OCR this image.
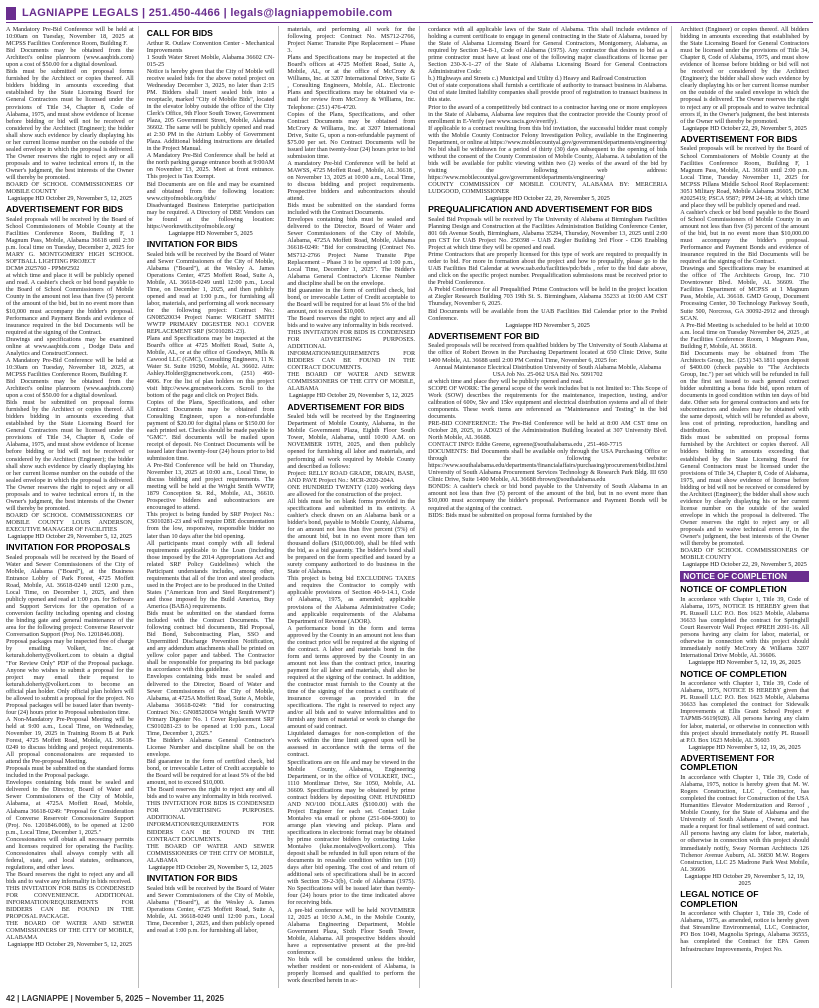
LAGNIAPPE LEGALS | 251.450-4466 | legals@lagniappemobile.com

A Mandatory Pre-Bid Conference will be held at 10:00am on Tuesday, November 18, 2025 at MCPSS Facilities Conference Room, Building F.

Bid Documents may be obtained from the Architect's online planroom (www.aaqbids.com) upon a cost of $50.00 for a digital download.

Bids must be submitted on proposal forms furnished by the Architect or copies thereof. All bidders bidding in amounts exceeding that established by the State Licensing Board for General Contractors must be licensed under the provisions of Title 34, Chapter 8, Code of Alabama, 1975, and must show evidence of license before bidding or bid will not be received or considered by the Architect (Engineer); the bidder shall show such evidence by clearly displaying his or her current license number on the outside of the sealed envelope in which the proposal is delivered. The Owner reserves the right to reject any or all proposals and to waive technical errors if, in the Owner's judgment, the best interests of the Owner will thereby be promoted.

BOARD OF SCHOOL COMMISSIONERS OF MOBILE COUNTY

Lagniappe HD October 29, November 5, 12, 2025
ADVERTISEMENT FOR BIDS

Sealed proposals will be received by the Board of School Commissioners of Mobile County at the Facilities Conference Room, Building F, 1 Magnum Pass, Mobile, Alabama 36618 until 2:30 p.m. local time on Tuesday, December 2, 2025 for MARY G. MONTGOMERY HIGH SCHOOL SOFTBALL LIGHTING PROJECT

DCM# 2025760 - PPM#2502

at which time and place it will be publicly opened and read. A cashier's check or bid bond payable to the Board of School Commissioners of Mobile County in the amount not less than five (5) percent of the amount of the bid, but in no event more than $10,000 must accompany the bidder's proposal. Performance and Payment Bonds and evidence of insurance required in the bid Documents will be required at the signing of the Contract.

Drawings and specifications may be examined online at www.aaqbids.com , Dodge Data and Analytics and ConstructConnect.

A Mandatory Pre-Bid Conference will be held at 10:30am on Tuesday, November 18, 2025, at MCPSS Facilities Conference Room, Building F.

Bid Documents may be obtained from the Architect's online planroom (www.aaqbids.com) upon a cost of $50.00 for a digital download.

Bids must be submitted on proposal forms furnished by the Architect or copies thereof. All bidders bidding in amounts exceeding that established by the State Licensing Board for General Contractors must be licensed under the provisions of Title 34, Chapter 8, Code of Alabama, 1975, and must show evidence of license before bidding or bid will not be received or considered by the Architect (Engineer); the bidder shall show such evidence by clearly displaying his or her current license number on the outside of the sealed envelope in which the proposal is delivered. The Owner reserves the right to reject any or all proposals and to waive technical errors if, in the Owner's judgment, the best interests of the Owner will thereby be promoted.

BOARD OF SCHOOL COMMISSIONERS OF MOBILE COUNTY LOUIS ANDERSON, EXECUTIVE MANAGER OF FACILITIES

Lagniappe HD October 29, November 5, 12, 2025
INVITATION FOR PROPOSALS

Sealed proposals will be received by the Board of Water and Sewer Commissioners of the City of Mobile, Alabama ("Board"), at the Business Entrance Lobby of Park Forest, 4725 Moffett Road, Mobile, AL 36618-0249 until 12:00 p.m., Local Time, on December 1, 2025, and then publicly opened and read at 1:00 p.m. for Software and Support Services for the operation of a conversion facility including opening and closing the binding gate and general maintenance of the area for the following project: Converse Reservoir Conversation Support (Proj. No. 1201846.008).

Proposal packages may be inspected free of charge by emailing Volkert, Inc. at keturah.doherty@volkert.com to obtain a digital "For Review Only" PDF of the Proposal package. Anyone who wishes to submit a proposal for the project may email their request to keturah.doherty@volkert.com to become an official plan holder. Only official plan holders will be allowed to submit a proposal for the project. No Proposal packages will be issued later than twenty-four (24) hours prior to Proposal submission time.

A Non-Mandatory Pre-Proposal Meeting will be held at 9:00 a.m., Local Time, on Wednesday, November 19, 2025 in Training Room B at Park Forest, 4725 Moffett Road, Mobile, AL 36618-0249 to discuss bidding and project requirements. All proposal concessionaires are requested to attend the Pre-proposal Meeting.

Proposals must be submitted on the standard forms included in the Proposal package.

Envelopes containing bids must be sealed and delivered to the Director, Board of Water and Sewer Commissioners of the City of Mobile, Alabama, at 4725A Moffett Road, Mobile, Alabama 36618-0249: "Proposal for Consideration of Converse Reservoir Concessionaire Support (Proj. No. 1201846.008), to be opened at 12:00 p.m., Local Time, December 1, 2025."

Concessionaires will obtain all necessary permits and licenses required for operating the Facility. Concessionaires shall always comply with all federal, state, and local statutes, ordinances, regulations, and other laws.

The Board reserves the right to reject any and all bids and to waive any informality in bids received.

THIS INVITATION FOR BIDS IS CONDENSED FOR CONVENIENCE. ADDITIONAL INFORMATION/REQUIREMENTS FOR BIDDERS CAN BE FOUND IN THE PROPOSAL PACKAGE.

THE BOARD OF WATER AND SEWER COMMISSIONERS OF THE CITY OF MOBILE, ALABAMA

Lagniappe HD October 29, November 5, 12, 2025
CALL FOR BIDS

Arthur R. Outlaw Convention Center - Mechanical Improvements

1 South Water Street Mobile, Alabama 36602 CN-015-25

Notice is hereby given that the City of Mobile will receive sealed bids for the above noted project on Wednesday December 3, 2025, no later than 2:15 PM. Bidders shall insert sealed bids into a receptacle, marked "City of Mobile Bids", located in the elevator lobby outside the office of the City Clerk's Office, 9th Floor South Tower, Government Plaza, 205 Government Street, Mobile, Alabama 36602. The same will be publicly opened and read at 2:30 PM in the Atrium Lobby of Government Plaza. Additional bidding instructions are detailed in the Project Manual.

A Mandatory Pre-Bid Conference shall be held at the north parking garage entrance booth at 9:00AM on November 13, 2025. Meet at front entrance. This project is Tax Exempt.

Bid Documents are on file and may be examined and obtained from the following location: www.cityofmobile.org/bids/

Disadvantaged Business Enterprise participation may be required. A Directory of DBE Vendors can be found at the following location: https://worknwith.cityofmobile.org/

Lagniappe HD November 5, 2025
INVITATION FOR BIDS

Sealed bids will be received by the Board of Water and Sewer Commissioners of the City of Mobile, Alabama ("Board"), at the Wesley A. James Operations Center, 4725 Moffett Road, Suite A, Mobile, AL 36618-0249 until 12:00 p.m., Local Time, on December 1, 2025, and then publicly opened and read at 1:00 p.m., for furnishing all labor, materials, and performing all work necessary for the following project: Contract No.: GN08520034 Project Name: WRIGHT SMITH WWTP PRIMARY DIGESTER NO.1 COVER REPLACEMENT SRF (SC010281-23).

Plans and Specifications may be inspected at the Board's office at 4725 Moffett Road, Suite A, Mobile, AL, or at the office of Goodwyn, Mills & Cawood LLC (GMC), Consulting Engineers, 11 N. Water St. Suite 19290, Mobile, AL 36602. Attn: Ashley.Holder@gmcnetwork.com, (251) 460-4006. For the list of plan holders on this project visit http://www.gmcnetwork.com. Scroll to the bottom of the page and click on Project Bids.

Copies of the Plans, Specifications, and other Contract Documents may be obtained from Consulting Engineer, upon a non-refundable payment of $20.00 for digital plans or $150.00 for each printed set. Checks should be made payable to "GMC". Bid documents will be mailed upon receipt of deposit. No Contract Documents will be issued later than twenty-four (24) hours prior to bid submission time.

A Pre-Bid Conference will be held on Thursday, November 13, 2025 at 10:00 a.m., Local Time, to discuss bidding and project requirements. The meeting will be held at the Wright Smith WWTP, 1879 Conception St. Rd., Mobile, AL, 36610. Prospective bidders and subcontractors are encouraged to attend.

This project is being funded by SRF Project No.: CS010281-23 and will require DBE documentation from the low, responsive, responsible bidder no later than 10 days after the bid opening.

All participants must comply with all federal requirements applicable to the Loan (including those imposed by the 2014 Appropriations Act and related SRF Policy Guidelines) which the Participant understands includes, among other, requirements that all of the iron and steel products used in the Project are to be produced in the United States ("American Iron and Steel Requirement") and those imposed by the Build America, Buy America (BABA) requirements.

Bids must be submitted on the standard forms included with the Contract Documents. The following contract bid documents, Bid Proposal, Bid Bond, Subcontracting Plan, SSO and Unpermitted Discharge Prevention Notification, and any addendum attachments shall be printed on yellow color paper and tabbed. The Contractor shall be responsible for preparing its bid package in accordance with this guideline.

Envelopes containing bids must be sealed and delivered to the Director, Board of Water and Sewer Commissioners of the City of Mobile, Alabama, at 4725A Moffett Road, Suite A, Mobile, Alabama 36618-0249: "Bid for constructing Contract No.: GN08520034 Wright Smith WWTP Primary Digester No. 1 Cover Replacement SRF CS010281-23 to be opened at 1:00 p.m., Local Time, December 1, 2025."

The Bidder's Alabama General Contractor's License Number and discipline shall be on the envelope.

Bid guarantee in the form of certified check, bid bond, or irrevocable Letter of Credit acceptable to the Board will be required for at least 5% of the bid amount, not to exceed $10,000.

The Board reserves the right to reject any and all bids and to waive any informality in bids received.

THIS INVITATION FOR BIDS IS CONDENSED FOR ADVERTISING PURPOSES. ADDITIONAL INFORMATION/REQUIREMENTS FOR BIDDERS CAN BE FOUND IN THE CONTRACT DOCUMENTS.

THE BOARD OF WATER AND SEWER COMMISSIONERS OF THE CITY OF MOBILE, ALABAMA

Lagniappe HD October 29, November 5, 12, 2025
INVITATION FOR BIDS

Sealed bids will be received by the Board of Water and Sewer Commissioners of the City of Mobile, Alabama ("Board"), at the Wesley A. James Operations Center, 4725 Moffett Road, Suite A, Mobile, AL 36618-0249 until 12:00 p.m., Local Time, December 1, 2025, and then publicly opened and read at 1:00 p.m. for furnishing all labor,

materials, and performing all work for the following project: Contract No. MS712-2766, Project Name: Transite Pipe Replacement – Phase 3.

Plans and Specifications may be inspected at the Board's offices at 4725 Moffett Road, Suite A, Mobile, AL, or at the office of McCrory & Williams, Inc. at 3207 International Drive, Suite G , Consulting Engineers, Mobile, AL. Electronic Plans and Specifications may be obtained via e-mail for review from McCrory & Williams, Inc. Telephone: (251) 476-4720.

Copies of the Plans, Specifications, and other Contract Documents may be obtained from McCrory & Williams, Inc. at 3207 International Drive, Suite G, upon a non-refundable payment of $75.00 per set. No Contract Documents will be issued later than twenty-four (24) hours prior to bid submission time.

A mandatory Pre-bid Conference will be held at MAWSS, 4725 Moffett Road , Mobile, AL 36618 , on November 13, 2025 at 10:00 a.m., Local Time, to discuss bidding and project requirements. Prospective bidders and subcontractors should attend.

Bids must be submitted on the standard forms included with the Contract Documents.

Envelopes containing bids must be sealed and delivered to the Director, Board of Water and Sewer Commissioners of the City of Mobile, Alabama, 4725A Moffett Road, Mobile, Alabama 36618-0249: "Bid for constructing (Contract No. MS712-2766 Project Name Transite Pipe Replacement – Phase 3 to be opened at 1:00 p.m., Local Time, December 1, 2025". The Bidder's Alabama General Contractor's License Number and discipline shall be on the envelope.

Bid guarantee in the form of certified check, bid bond, or irrevocable Letter of Credit acceptable to the Board will be required for at least 5% of the bid amount, not to exceed $10,000.

The Board reserves the right to reject any and all bids and to waive any informality in bids received.

THIS INVITATION FOR BIDS IS CONDENSED FOR ADVERTISING PURPOSES. ADDITIONAL INFORMATION/REQUIREMENTS FOR BIDDERS CAN BE FOUND IN THE CONTRACT DOCUMENTS.

THE BOARD OF WATER AND SEWER COMMISSIONERS OF THE CITY OF MOBILE, ALABAMA

Lagniappe HD October 29, November 5, 12, 2025
ADVERTISEMENT FOR BIDS

Sealed bids will be received by the Engineering Department of Mobile County, Alabama, in the Mobile Government Plaza, Eighth Floor South Tower, Mobile, Alabama, until 10:00 A.M. on NOVEMBER 19TH, 2025, and then publicly opened for furnishing all labor and materials, and performing all work required by Mobile County and described as follows:

Project: RELLY ROAD GRADE, DRAIN, BASE, AND PAVE Project No.: MCR-2020-204A

ONE HUNDRED TWENTY (120) working days are allowed for the construction of the project.

All bids must be on blank forms provided in the specifications and submitted in its entirety. A cashier's check drawn on an Alabama bank or a bidder's bond, payable to Mobile County, Alabama, for an amount not less than five percent (5%) of the amount bid, but in no event more than ten thousand dollars ($10,000.00), shall be filed with the bid, as a bid guaranty. The bidder's bond shall be prepared on the form specified and issued by a surety company authorized to do business in the State of Alabama.

This project is being bid EXCLUDING TAXES and requires the Contractor to comply with applicable provisions of Section 40-9-14.1, Code of Alabama, 1975, as amended; applicable provisions of the Alabama Administrative Code; and applicable requirements of the Alabama Department of Revenue (ADOR).

A performance bond in the form and terms approved by the County in an amount not less than the contract price will be required at the signing of the contract. A labor and materials bond in the form and terms approved by the County in an amount not less than the contract price, insuring payment for all labor and materials, shall also be required at the signing of the contract. In addition, the contractor must furnish to the County at the time of the signing of the contract a certificate of insurance coverage as provided in the specifications. The right is reserved to reject any and/or all bids and to waive informalities and to furnish any item of material or work to change the amount of said contract.

Liquidated damages for non-completion of the work within the time limit agreed upon will be assessed in accordance with the terms of the contract.

Specifications are on file and may be viewed in the Mobile County, Alabama, Engineering Department, or in the office of VOLKERT, INC., 1110 Montlimar Drive, Ste 1050, Mobile, AL 36609. Specifications may be obtained by prime contract bidders by depositing ONE HUNDRED AND NO/100 DOLLARS ($100.00) with the Project Engineer for each set. Contact Luke Montalvo via email or phone (251-604-5900) to arrange plan viewing and pickup. Plans and specifications in electronic format may be obtained by prime contractor bidders by contacting Luke Montalvo (luke.montalvo@volkert.com). This deposit shall be refunded in full upon return of the documents in reusable condition within ten (10) days after bid opening. The cost of and return of additional sets of specifications shall be in accord with Section 39-2-3(b), Code of Alabama (1975). No Specifications will be issued later than twenty-four (24) hours prior to the time indicated above for receiving bids.

A pre-bid conference will be held NOVEMBER 12, 2025 at 10:30 A.M., in the Mobile County, Alabama Engineering Department, Mobile Government Plaza, Sixth Floor South Tower, Mobile, Alabama. All prospective bidders should have a representative present at the pre-bid conference.

No bids will be considered unless the bidder, whether resident or non-resident of Alabama, is properly licensed and qualified to perform the work described herein in ac-

cordance with all applicable laws of the State of Alabama. This shall include evidence of holding a current certificate to engage in general contracting in the State of Alabama, issued by the State of Alabama Licensing Board for General Contractors, Montgomery, Alabama, as required by Section 34-8-1, Code of Alabama (1975). Any contractor that desires to bid as a prime contractor must have at least one of the following major classifications of license per Section 230-X-1-.27 of the State of Alabama Licensing Board for General Contractors Administrative Code:

b.) Highways and Streets c.) Municipal and Utility d.) Heavy and Railroad Construction

Out of state corporations shall furnish a certificate of authority to transact business in Alabama. Out of state limited liability companies shall provide proof of registration to transact business in this state.

Prior to the award of a competitively bid contract to a contractor having one or more employees in the State of Alabama, Alabama law requires that the contractor provide the County proof of enrollment in E-Verify (see www.uscis.gov/everify).

If applicable to a contract resulting from this bid invitation, the successful bidder must comply with the Mobile County Contractor Felony Investigation Policy, available in the Engineering Department, or online at https://www.mobilecountyal.gov/government/departments/engineering/

No bid shall be withdrawn for a period of thirty (30) days subsequent to the opening of bids without the consent of the County Commission of Mobile County, Alabama. A tabulation of the bids will be available for public viewing within two (2) weeks of the award of the bid by visiting the following web address: https://www.mobilecountyal.gov/government/departments/engineering/

COUNTY COMMISSION OF MOBILE COUNTY, ALABAMA BY: MERCERIA LUDGOOD, COMMISSIONER

Lagniappe HD October 22, 29, November 5, 2025
PREQUALIFICATION AND ADVERTISEMENT FOR BIDS

Sealed Bid Proposals will be received by The University of Alabama at Birmingham Facilities Planning Design and Construction at the Facilities Administration Building Conference Center, 801 6th Avenue South, Birmingham, Alabama 35294, Thursday, November 13, 2025 until 2:00 pm CST for UAB Project No. 250398 – UAB Ziegler Building 3rd Floor - CD6 Enabling Project at which time they will be opened and read.

Prime Contractors that are properly licensed for this type of work are required to prequalify in order to bid. For more in formation about the project and how to prequalify, please go to the UAB Facilities Bid Calendar at www.uab.edu/facilities/pdc/bids , refer to the bid date above, and click on the specific project number. Prequalification submissions must be received prior to the Prebid Conference.

A Prebid Conference for all Prequalified Prime Contractors will be held in the project location at Ziegler Research Building 703 19th St. S. Birmingham, Alabama 35233 at 10:00 AM CST Thursday, November 6, 2025.

Bid Documents will be available from the UAB Facilities Bid Calendar prior to the Prebid Conference.

Lagniappe HD November 5, 2025
ADVERTISEMENT FOR BID

Sealed proposals will be received from qualified bidders by The University of South Alabama at the office of Robert Brown in the Purchasing Department located at 650 Clinic Drive, Suite 1400 Mobile, AL 36688 until 2:00 PM Central Time, November 6, 2025 for:

Annual Maintenance Electrical Distribution University of South Alabama Mobile, Alabama USA Job No. 25-062 USA Bid No. 5091702

at which time and place they will be publicly opened and read.

SCOPE OF WORK: The general scope of the work includes but is not limited to: This Scope of Work (SOW) describes the requirements for the maintenance, inspection, testing, and/or calibration of 600v, 5kv and 15kv equipment and electrical distribution systems and all of their components. These work items are referenced as "Maintenance and Testing" in the bid documents.

PRE-BID CONFERENCE: The Pre-Bid Conference will be held at 8:00 AM CST time on October 28, 2025, in AD023 of the Administration Building located at 307 University Blvd. North Mobile, AL 36688.

CONTACT INFO: Eddie Greene, egreene@southalabama.edu , 251-460-7715

DOCUMENTS: Bid Documents shall be available only through the USA Purchasing Office or through the following website: https://www.southalabama.edu/departments/financialaffairs/purchasing/procurement/bidlist.html University of South Alabama Procurement Services Technology & Research Park Bldg. III 650 Clinic Drive, Suite 1400 Mobile, AL 36688 rbrown@southalabama.edu

BONDS: A cashier's check or bid bond payable to the University of South Alabama in an amount not less than five (5) percent of the amount of the bid, but in no event more than $10,000 must accompany the bidder's proposal. Performance and Payment Bonds will be required at the signing of the contract.

BIDS: Bids must be submitted on proposal forms furnished by the

Architect (Engineer) or copies thereof. All bidders bidding in amounts exceeding that established by the State Licensing Board for General Contractors must be licensed under the provisions of Title 34, Chapter 8, Code of Alabama, 1975, and must show evidence of license before bidding or bid will not be received or considered by the Architect (Engineer); the bidder shall show such evidence by clearly displaying his or her current license number on the outside of the sealed envelope in which the proposal is delivered. The Owner reserves the right to reject any or all proposals and to waive technical errors if, in the Owner's judgment, the best interests of the Owner will thereby be promoted.

Lagniappe HD October 22, 29, November 5, 2025
ADVERTISEMENT FOR BIDS

Sealed proposals will be received by the Board of School Commissioners of Mobile County at the Facilities Conference Room, Building F, 1 Magnum Pass, Mobile, AL 36618 until 2:00 p.m. Local Time, Tuesday November 11, 2025 for MCPSS Pillans Middle School Roof Replacement: 3051 Military Road, Mobile Alabama 36605, DCM #2025419; PSCA 9587; PPM 24-18; at which time and place they will be publicly opened and read.

A cashier's check or bid bond payable to the Board of School Commissioners of Mobile County in an amount not less than five (5) percent of the amount of the bid, but in no event more than $10,000.00 must accompany the bidder's proposal. Performance and Payment Bonds and evidence of insurance required in the Bid Documents will be required at the signing of the Contract.

Drawings and Specifications may be examined at the office of The Architects Group, Inc. 710 Downtowner Blvd. Mobile, AL 36609. The Facilities Department of MCPSS at 1 Magnum Pass, Mobile, AL 36618. GMD Group, Document Processing Center, 30 Technology Parkway South, Suite 500, Norcross, GA 30092-2912 and through SCAN.

A Pre-Bid Meeting is scheduled to be held at 10:00 a.m. local time on Tuesday November 04, 2025 , at the Facilities Conference Room, 1 Magnum Pass, Building F, Mobile, AL 36618.

Bid Documents may be obtained from The Architects Group, Inc. (251) 343.1811 upon deposit of $400.00 (check payable to "The Architects Group, Inc.") per set which will be refunded in full on the first set issued to each general contract bidder submitting a bona fide bid, upon return of documents in good condition within ten days of bid date. Other sets for general contractors and sets for subcontractors and dealers may be obtained with the same deposit, which will be refunded as above, less cost of printing, reproduction, handling and distribution.

Bids must be submitted on proposal forms furnished by the Architect or copies thereof. All bidders bidding in amounts exceeding that established by the State Licensing Board for General Contractors must be licensed under the provisions of Title 34, Chapter 8, Code of Alabama, 1975, and must show evidence of license before bidding or bid will not be received or considered by the Architect (Engineer); the bidder shall show such evidence by clearly displaying his or her current license number on the outside of the sealed envelope in which the proposal is delivered. The Owner reserves the right to reject any or all proposals and to waive technical errors if, in the Owner's judgment, the best interests of the Owner will thereby be promoted.

BOARD OF SCHOOL COMMISSIONERS OF MOBILE COUNTY

Lagniappe HD October 22, 29, November 5, 2025
NOTICE OF COMPLETION
NOTICE OF COMPLETION

In accordance with Chapter 1, Title 39, Code of Alabama, 1975, NOTICE IS HEREBY given that PL Russell LLC P.O. Box 1623 Mobile, Alabama 36633 has completed the contract for Springhill Court Reservoir Wall Project #PREH 2091-16. All persons having any claim for labor, material, or otherwise in connection with this project should immediately notify McCrory & Williams 3207 International Drive Mobile, AL 36606.

Lagniappe HD November 5, 12, 19, 26, 2025
NOTICE OF COMPLETION

In accordance with Chapter 1, Title 39, Code of Alabama, 1975, NOTICE IS HEREBY given that PL Russell LLC P.O. Box 1623 Mobile, Alabama 36633 has completed the contract for Sidewalk Improvements at Ellis Grant School Project # TAPMB-5619(928). All persons having any claim for labor, material, or otherwise in connection with this project should immediately notify PL Russell at P.O. Box 1623 Mobile, AL 36603

Lagniappe HD November 5, 12, 19, 26, 2025
ADVERTISEMENT FOR COMPLETION

In accordance with Chapter 1, Title 39, Code of Alabama, 1975, notice is hereby given that M. W. Rogers Construction, LLC , Contractor, has completed the contract for Construction of the USA Humanities Elevator Modernization and Reroof , Mobile County, for the State of Alabama and the University of South Alabama , Owner, and has made a request for final settlement of said contract. All persons having any claim for labor, materials, or otherwise in connection with this project should immediately notify, Sway Norman Architects 126 Tichenor Avenue Auburn, AL 36830 M.W. Rogers Construction, LLC 25 Madrone Park West Mobile, AL 36606

Lagniappe HD October 29, November 5, 12, 19, 2025
LEGAL NOTICE OF COMPLETION

In accordance with Chapter 1, Title 39, Code of Alabama, 1975, as amended, notice is hereby given that Streamline Environmental, LLC, Contractor, PO Box 1049, Magnolia Springs, Alabama 36555, has completed the Contract for EPA Green Infrastructure Improvements, Project No.

42 | LAGNIAPPE | November 5, 2025 – November 11, 2025
